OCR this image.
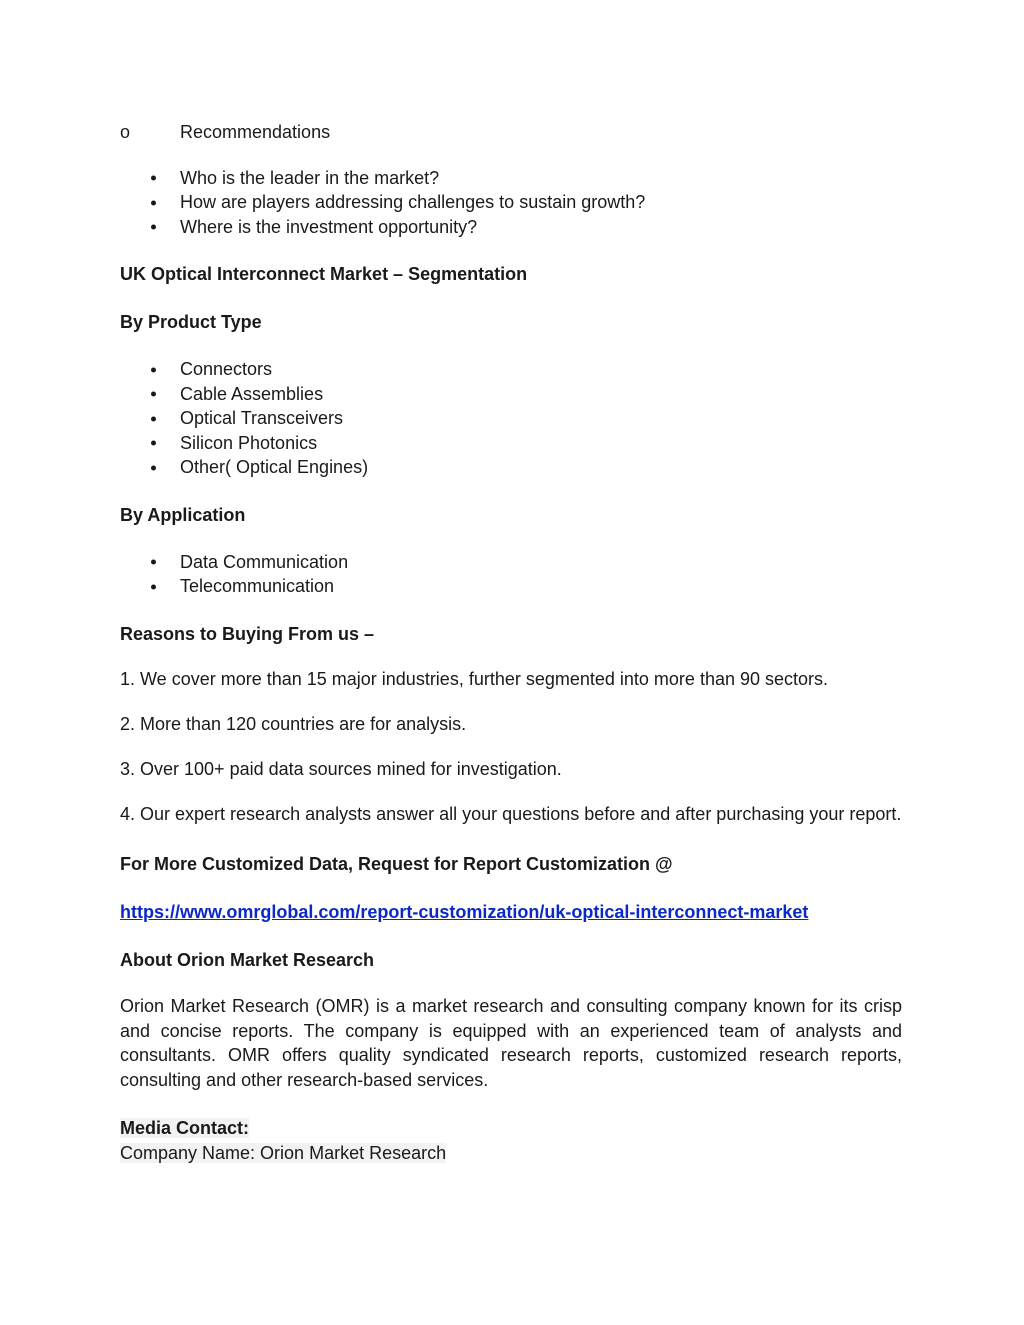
o	Recommendations
Who is the leader in the market?
How are players addressing challenges to sustain growth?
Where is the investment opportunity?
UK Optical Interconnect Market – Segmentation
By Product Type
Connectors
Cable Assemblies
Optical Transceivers
Silicon Photonics
Other( Optical Engines)
By Application
Data Communication
Telecommunication
Reasons to Buying From us –
1. We cover more than 15 major industries, further segmented into more than 90 sectors.
2. More than 120 countries are for analysis.
3. Over 100+ paid data sources mined for investigation.
4. Our expert research analysts answer all your questions before and after purchasing your report.
For More Customized Data, Request for Report Customization @
https://www.omrglobal.com/report-customization/uk-optical-interconnect-market
About Orion Market Research
Orion Market Research (OMR) is a market research and consulting company known for its crisp and concise reports. The company is equipped with an experienced team of analysts and consultants. OMR offers quality syndicated research reports, customized research reports, consulting and other research-based services.
Media Contact:
Company Name: Orion Market Research
